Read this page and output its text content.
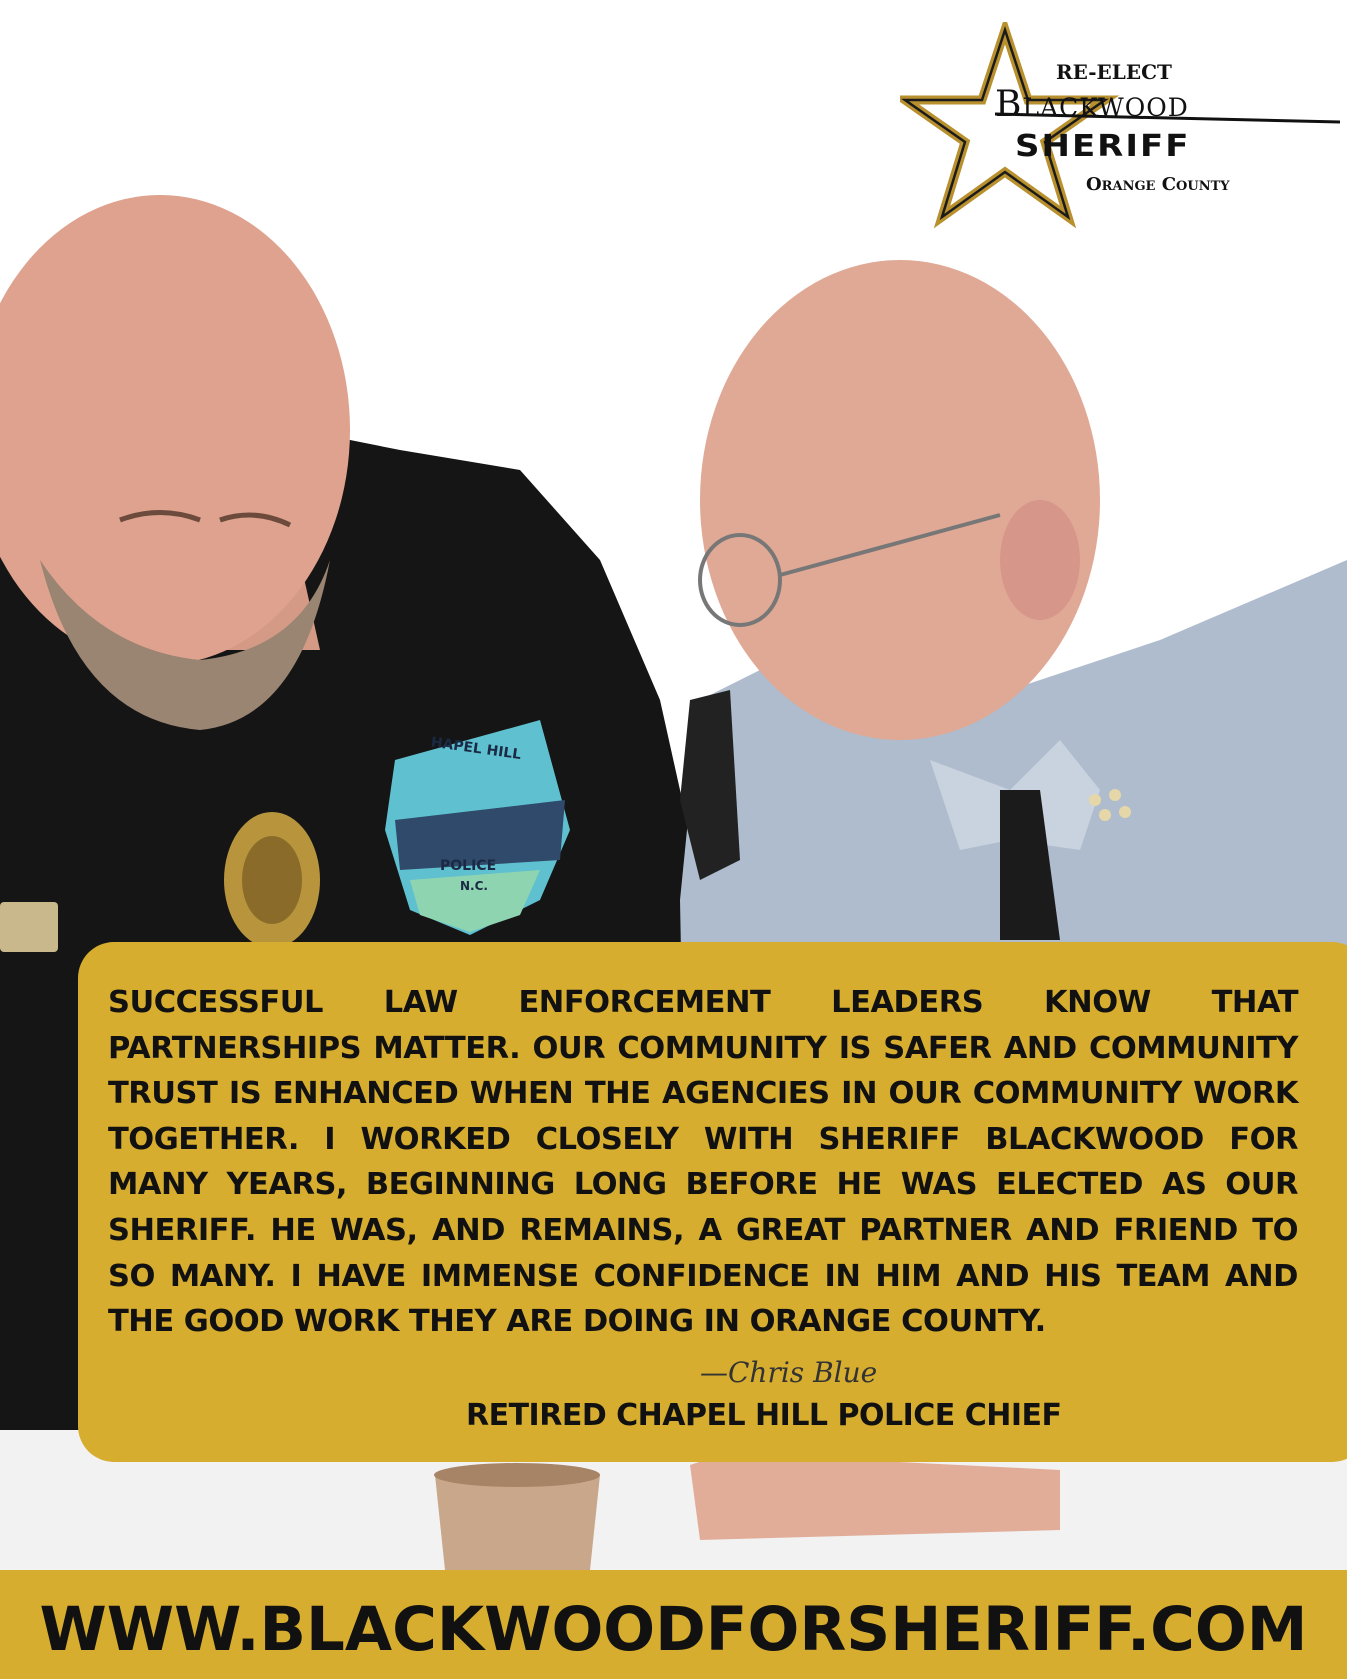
HAPEL HILL
POLICE
N.C.
RE-ELECT
Blackwood
SHERIFF
Orange County

SUCCESSFUL LAW ENFORCEMENT LEADERS KNOW THAT PARTNERSHIPS MATTER. OUR COMMUNITY IS SAFER AND COMMUNITY TRUST IS ENHANCED WHEN THE AGENCIES IN OUR COMMUNITY WORK TOGETHER. I WORKED CLOSELY WITH SHERIFF BLACKWOOD FOR MANY YEARS, BEGINNING LONG BEFORE HE WAS ELECTED AS OUR SHERIFF. HE WAS, AND REMAINS, A GREAT PARTNER AND FRIEND TO SO MANY. I HAVE IMMENSE CONFIDENCE IN HIM AND HIS TEAM AND THE GOOD WORK THEY ARE DOING IN ORANGE COUNTY.

—Chris Blue
RETIRED CHAPEL HILL POLICE CHIEF
WWW.BLACKWOODFORSHERIFF.COM
